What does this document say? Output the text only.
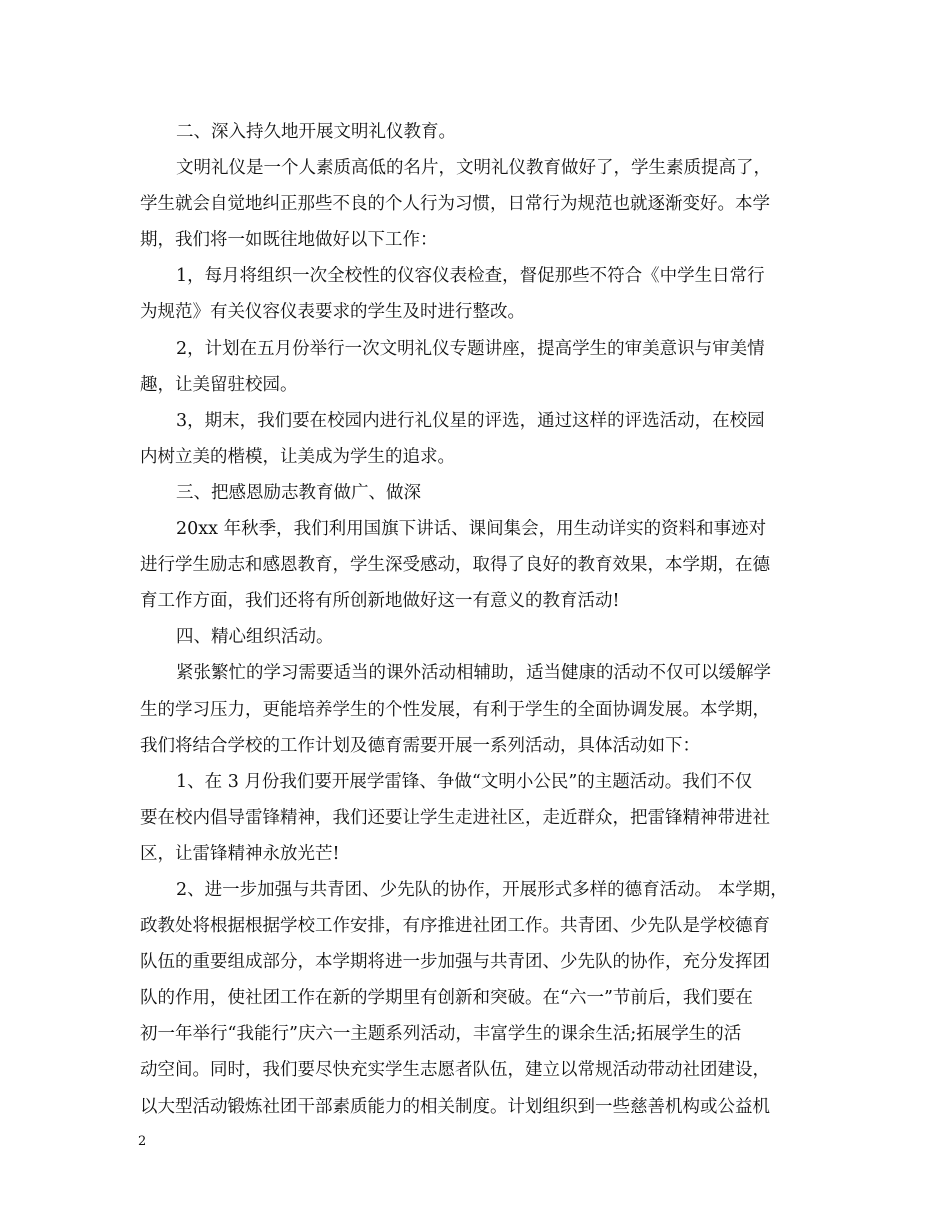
二、深入持久地开展文明礼仪教育。
文明礼仪是一个人素质高低的名片，文明礼仪教育做好了，学生素质提高了，
学生就会自觉地纠正那些不良的个人行为习惯，日常行为规范也就逐渐变好。本学
期，我们将一如既往地做好以下工作：
1，每月将组织一次全校性的仪容仪表检查，督促那些不符合《中学生日常行
为规范》有关仪容仪表要求的学生及时进行整改。
2，计划在五月份举行一次文明礼仪专题讲座，提高学生的审美意识与审美情
趣，让美留驻校园。
3，期末，我们要在校园内进行礼仪星的评选，通过这样的评选活动，在校园
内树立美的楷模，让美成为学生的追求。
三、把感恩励志教育做广、做深
20xx 年秋季，我们利用国旗下讲话、课间集会，用生动详实的资料和事迹对
进行学生励志和感恩教育，学生深受感动，取得了良好的教育效果，本学期，在德
育工作方面，我们还将有所创新地做好这一有意义的教育活动!
四、精心组织活动。
紧张繁忙的学习需要适当的课外活动相辅助，适当健康的活动不仅可以缓解学
生的学习压力，更能培养学生的个性发展，有利于学生的全面协调发展。本学期，
我们将结合学校的工作计划及德育需要开展一系列活动，具体活动如下：
1、在 3 月份我们要开展学雷锋、争做“文明小公民”的主题活动。我们不仅
要在校内倡导雷锋精神，我们还要让学生走进社区，走近群众，把雷锋精神带进社
区，让雷锋精神永放光芒!
2、进一步加强与共青团、少先队的协作，开展形式多样的德育活动。 本学期，
政教处将根据根据学校工作安排，有序推进社团工作。共青团、少先队是学校德育
队伍的重要组成部分，本学期将进一步加强与共青团、少先队的协作，充分发挥团
队的作用，使社团工作在新的学期里有创新和突破。在“六一”节前后，我们要在
初一年举行“我能行”庆六一主题系列活动，丰富学生的课余生活;拓展学生的活
动空间。同时，我们要尽快充实学生志愿者队伍，建立以常规活动带动社团建设，
以大型活动锻炼社团干部素质能力的相关制度。计划组织到一些慈善机构或公益机
2
